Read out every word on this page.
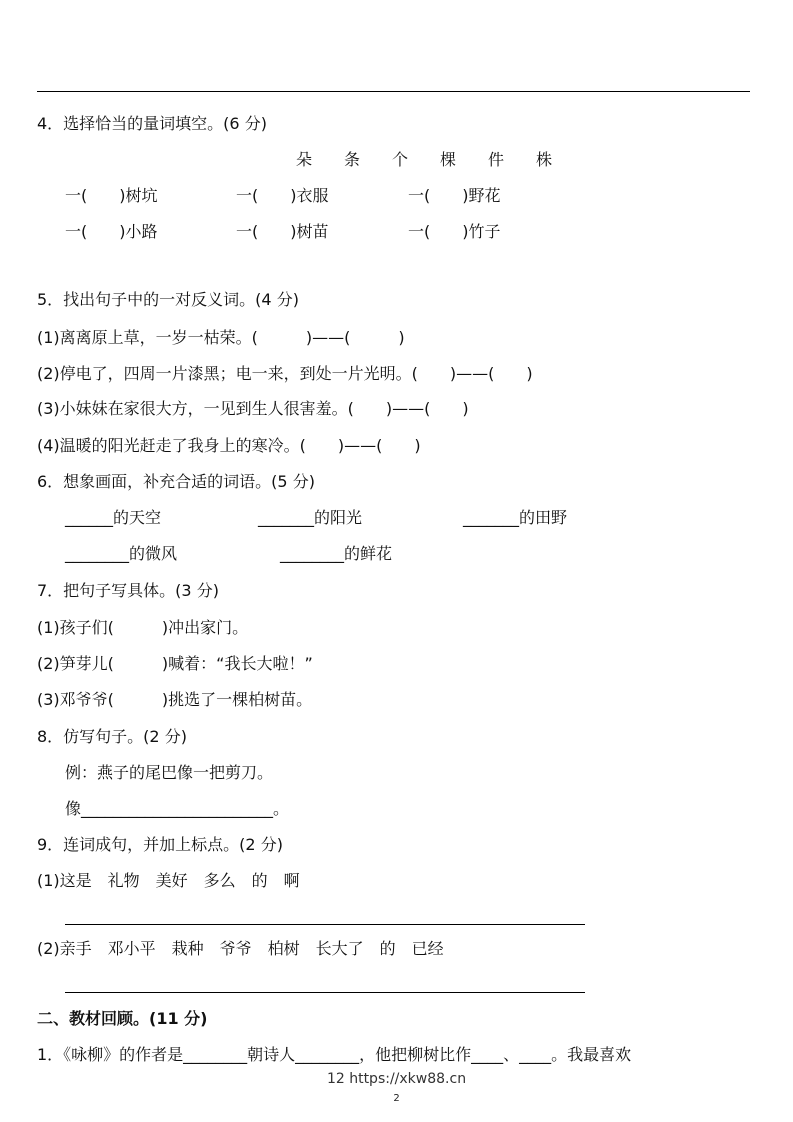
4．选择恰当的量词填空。(6 分)
朵　条　个　棵　件　株
一(　　)树坑	一(　　)衣服	一(　　)野花
一(　　)小路	一(　　)树苗	一(　　)竹子
5．找出句子中的一对反义词。(4 分)
(1)离离原上草，一岁一枯荣。(　　　)——(　　　)
(2)停电了，四周一片漆黑；电一来，到处一片光明。(　　)——(　　)
(3)小妹妹在家很大方，一见到生人很害羞。(　　)——(　　)
(4)温暖的阳光赶走了我身上的寒冷。(　　)——(　　)
6．想象画面，补充合适的词语。(5 分)
______的天空	_______的阳光	_______的田野
________的微风	________的鲜花
7．把句子写具体。(3 分)
(1)孩子们(　　　)冲出家门。
(2)笋芽儿(　　　)喊着：“我长大啦！”
(3)邓爷爷(　　　)挑选了一棵柏树苗。
8．仿写句子。(2 分)
例：燕子的尾巴像一把剪刀。
像________________________。
9．连词成句，并加上标点。(2 分)
(1)这是　礼物　美好　多么　的　啊
(2)亲手　邓小平　栽种　爷爷　柏树　长大了　的　已经
二、教材回顾。(11 分)
1．《咏柳》的作者是________朝诗人________，他把柳树比作____、____。我最喜欢
12 https://xkw88.cn
2
